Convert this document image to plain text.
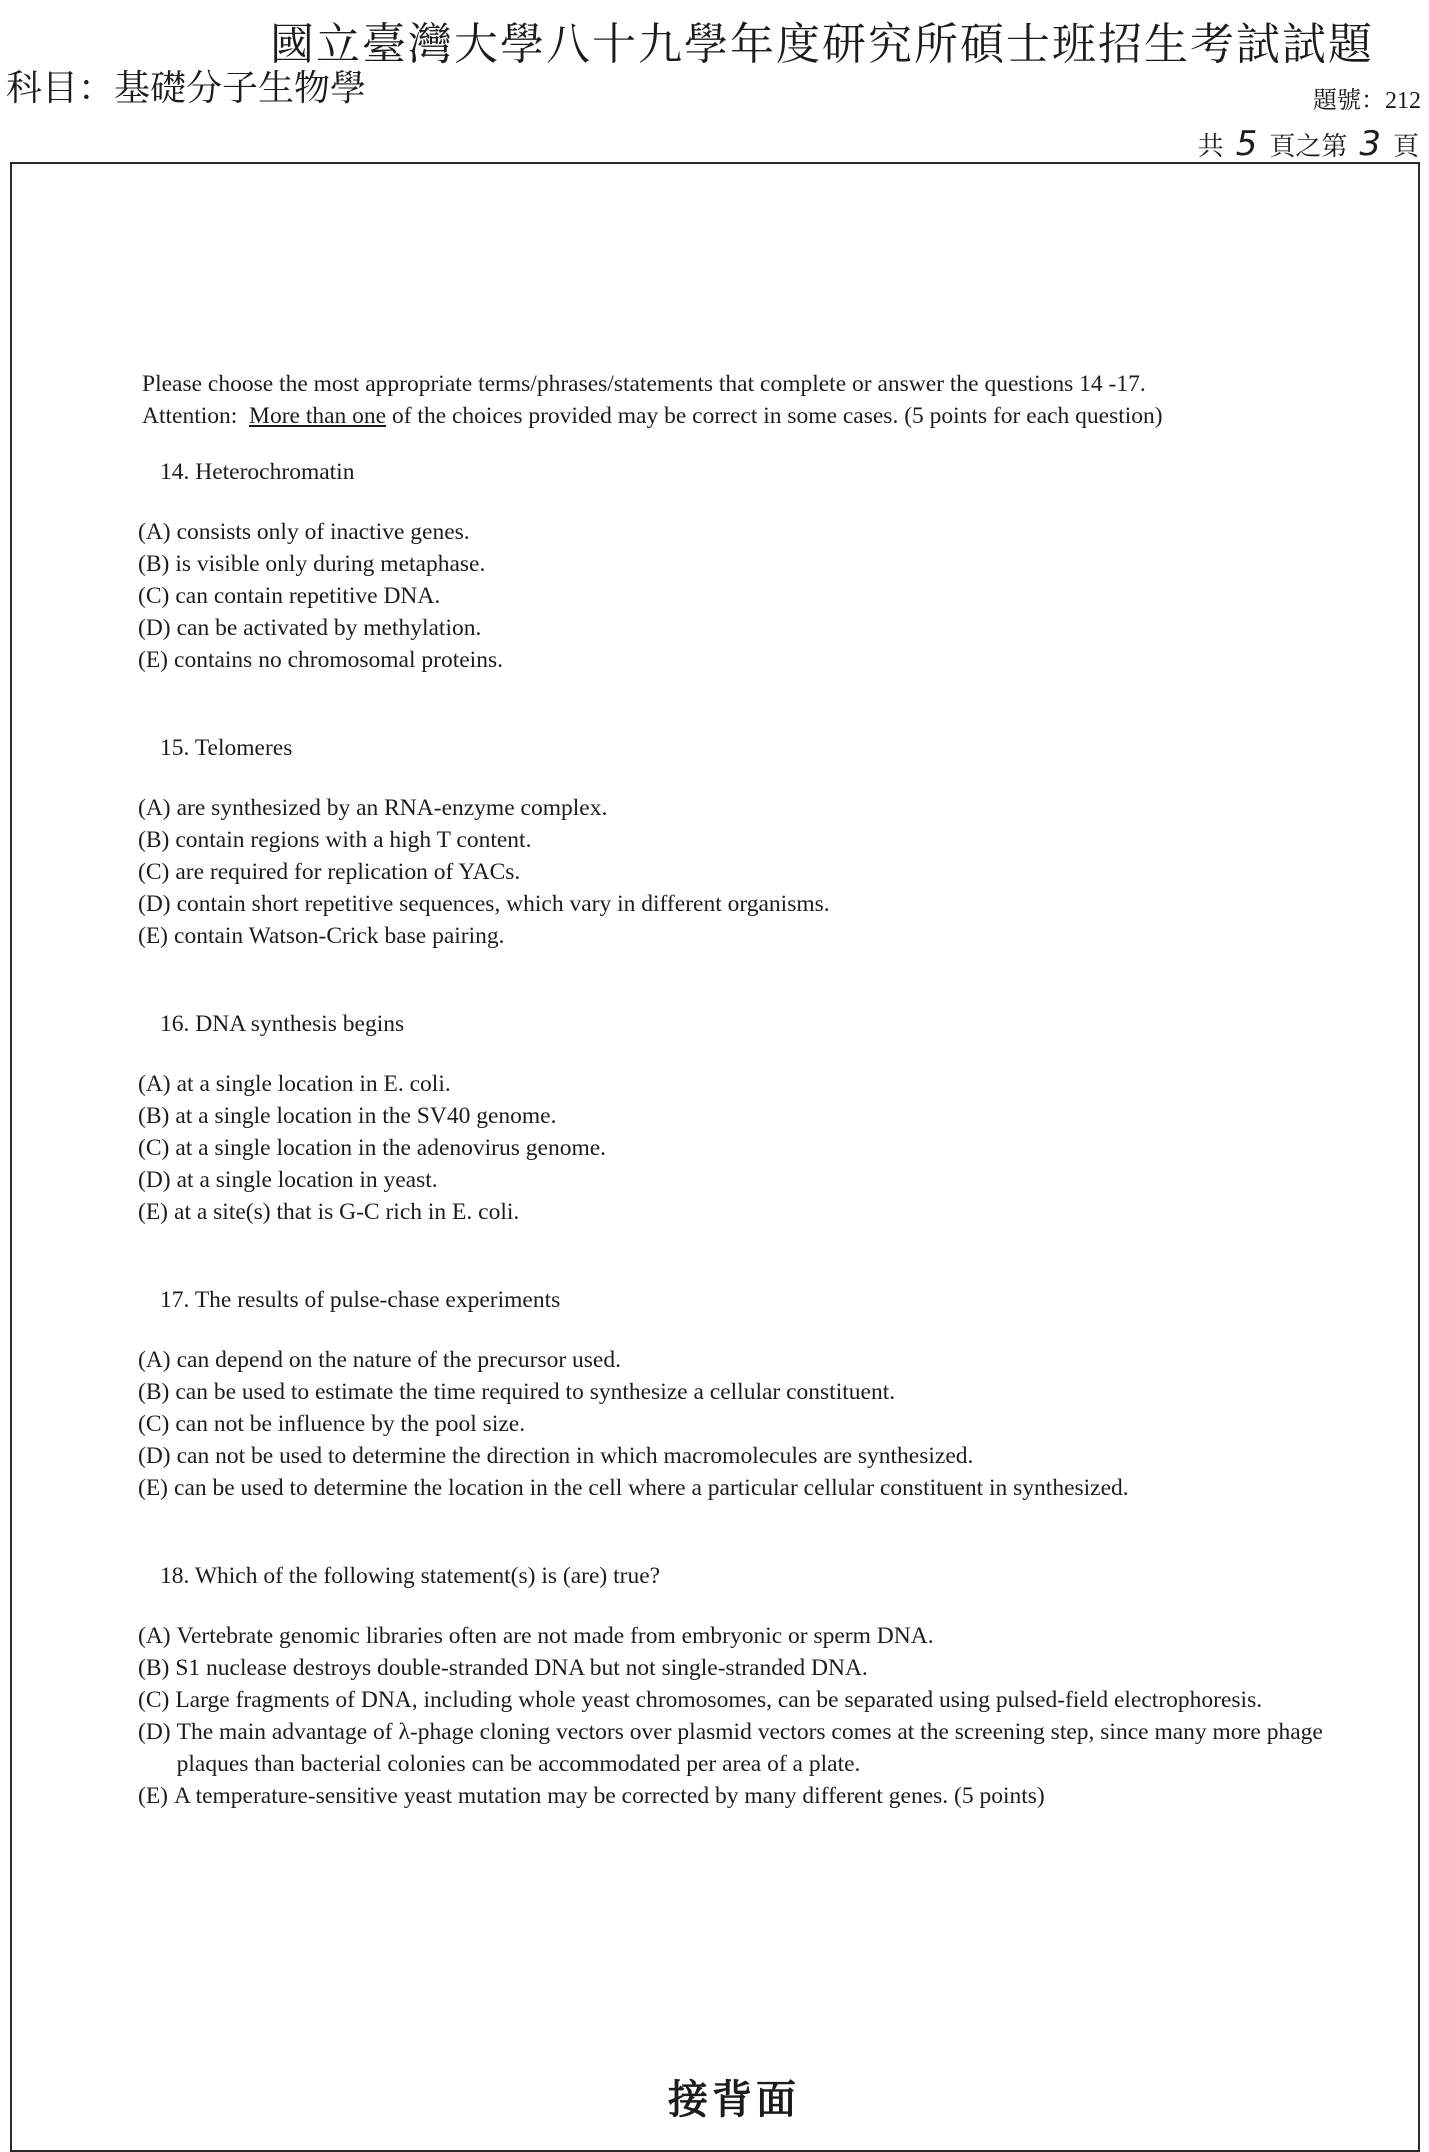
國立臺灣大學八十九學年度研究所碩士班招生考試試題
科目：基礎分子生物學	題號：212
共 5 頁之第 3 頁
Please choose the most appropriate terms/phrases/statements that complete or answer the questions 14 -17.
Attention: More than one of the choices provided may be correct in some cases. (5 points for each question)
14. Heterochromatin
(A) consists only of inactive genes.
(B) is visible only during metaphase.
(C) can contain repetitive DNA.
(D) can be activated by methylation.
(E) contains no chromosomal proteins.
15. Telomeres
(A) are synthesized by an RNA-enzyme complex.
(B) contain regions with a high T content.
(C) are required for replication of YACs.
(D) contain short repetitive sequences, which vary in different organisms.
(E) contain Watson-Crick base pairing.
16. DNA synthesis begins
(A) at a single location in E. coli.
(B) at a single location in the SV40 genome.
(C) at a single location in the adenovirus genome.
(D) at a single location in yeast.
(E) at a site(s) that is G-C rich in E. coli.
17. The results of pulse-chase experiments
(A) can depend on the nature of the precursor used.
(B) can be used to estimate the time required to synthesize a cellular constituent.
(C) can not be influence by the pool size.
(D) can not be used to determine the direction in which macromolecules are synthesized.
(E) can be used to determine the location in the cell where a particular cellular constituent in synthesized.
18. Which of the following statement(s) is (are) true?
(A) Vertebrate genomic libraries often are not made from embryonic or sperm DNA.
(B) S1 nuclease destroys double-stranded DNA but not single-stranded DNA.
(C) Large fragments of DNA, including whole yeast chromosomes, can be separated using pulsed-field electrophoresis.
(D) The main advantage of λ-phage cloning vectors over plasmid vectors comes at the screening step, since many more phage plaques than bacterial colonies can be accommodated per area of a plate.
(E) A temperature-sensitive yeast mutation may be corrected by many different genes. (5 points)
接背面
